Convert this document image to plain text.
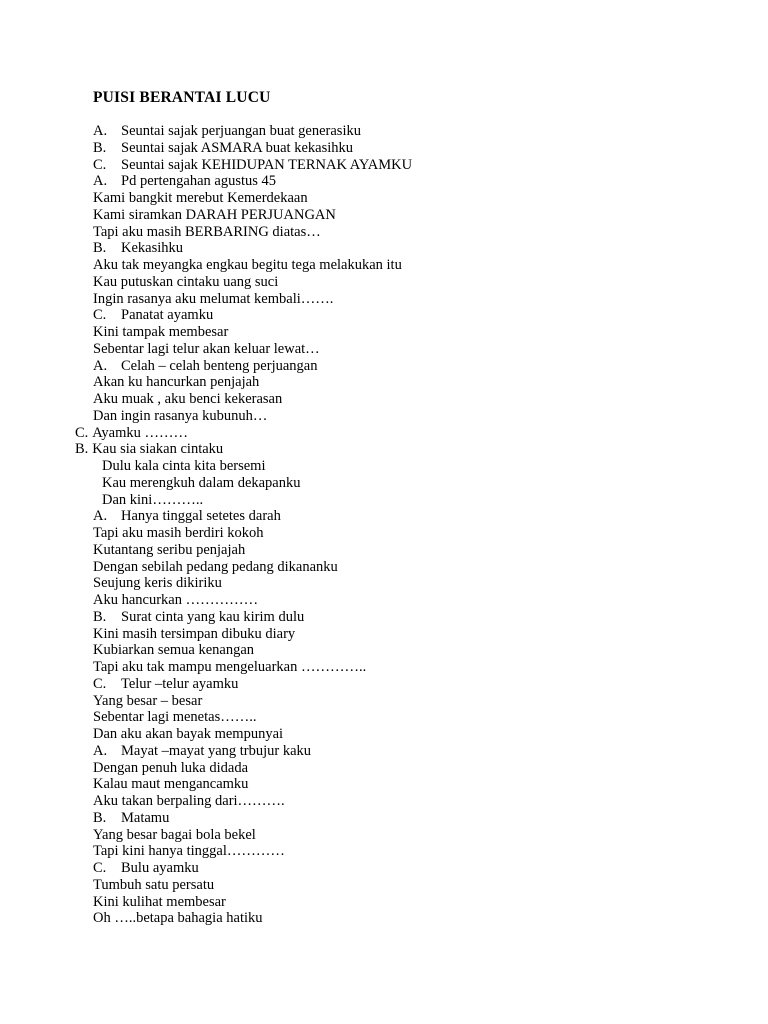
PUISI BERANTAI LUCU
A. Seuntai sajak perjuangan buat generasiku
B. Seuntai sajak ASMARA buat kekasihku
C. Seuntai sajak KEHIDUPAN TERNAK AYAMKU
A. Pd pertengahan agustus 45
Kami bangkit merebut Kemerdekaan
Kami siramkan DARAH PERJUANGAN
Tapi aku masih BERBARING diatas…
B. Kekasihku
Aku tak meyangka engkau begitu tega melakukan itu
Kau putuskan cintaku uang suci
Ingin rasanya aku melumat kembali…….
C. Panatat ayamku
Kini tampak membesar
Sebentar lagi telur akan keluar lewat…
A. Celah – celah benteng perjuangan
Akan ku hancurkan penjajah
Aku muak , aku benci kekerasan
Dan ingin rasanya kubunuh…
C. Ayamku ………
B. Kau sia siakan cintaku
Dulu kala cinta kita bersemi
Kau merengkuh dalam dekapanku
Dan kini………..
A. Hanya tinggal setetes darah
Tapi aku masih berdiri kokoh
Kutantang seribu penjajah
Dengan sebilah pedang pedang dikananku
Seujung keris dikiriku
Aku hancurkan ……………
B. Surat cinta yang kau kirim dulu
Kini masih tersimpan dibuku diary
Kubiarkan semua kenangan
Tapi aku tak mampu mengeluarkan …………..
C. Telur –telur ayamku
Yang besar – besar
Sebentar lagi menetas……..
Dan aku akan bayak mempunyai
A. Mayat –mayat yang trbujur kaku
Dengan penuh luka didada
Kalau maut mengancamku
Aku takan berpaling dari……….
B. Matamu
Yang besar bagai bola bekel
Tapi kini hanya tinggal…………
C. Bulu ayamku
Tumbuh satu persatu
Kini kulihat membesar
Oh …..betapa bahagia hatiku
